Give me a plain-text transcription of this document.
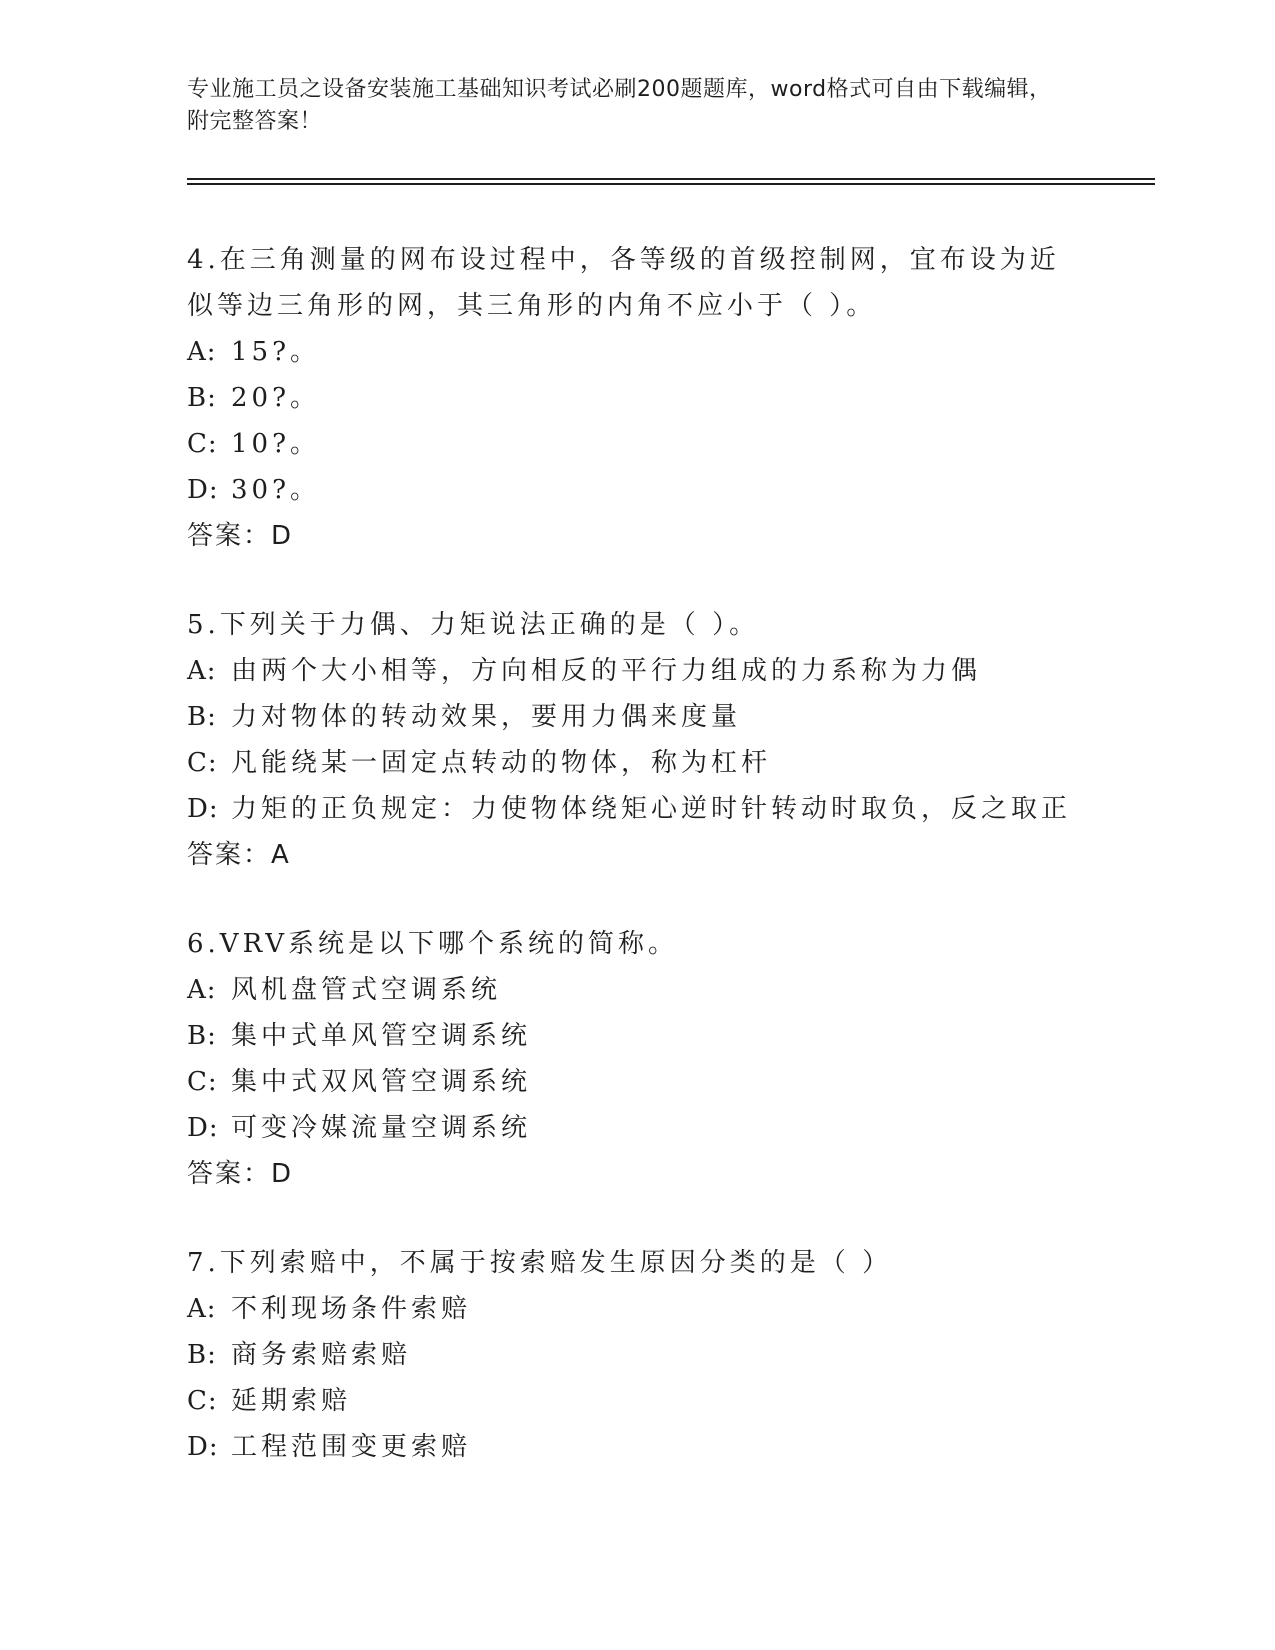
专业施工员之设备安装施工基础知识考试必刷200题题库，word格式可自由下载编辑，附完整答案！
4.在三角测量的网布设过程中，各等级的首级控制网，宜布设为近似等边三角形的网，其三角形的内角不应小于（ ）。
A: 15?。
B: 20?。
C: 10?。
D: 30?。
答案：D
5.下列关于力偶、力矩说法正确的是（ ）。
A: 由两个大小相等，方向相反的平行力组成的力系称为力偶
B: 力对物体的转动效果，要用力偶来度量
C: 凡能绕某一固定点转动的物体，称为杠杆
D: 力矩的正负规定：力使物体绕矩心逆时针转动时取负，反之取正
答案：A
6.VRV系统是以下哪个系统的简称。
A: 风机盘管式空调系统
B: 集中式单风管空调系统
C: 集中式双风管空调系统
D: 可变冷媒流量空调系统
答案：D
7.下列索赔中，不属于按索赔发生原因分类的是（ ）
A: 不利现场条件索赔
B: 商务索赔索赔
C: 延期索赔
D: 工程范围变更索赔
